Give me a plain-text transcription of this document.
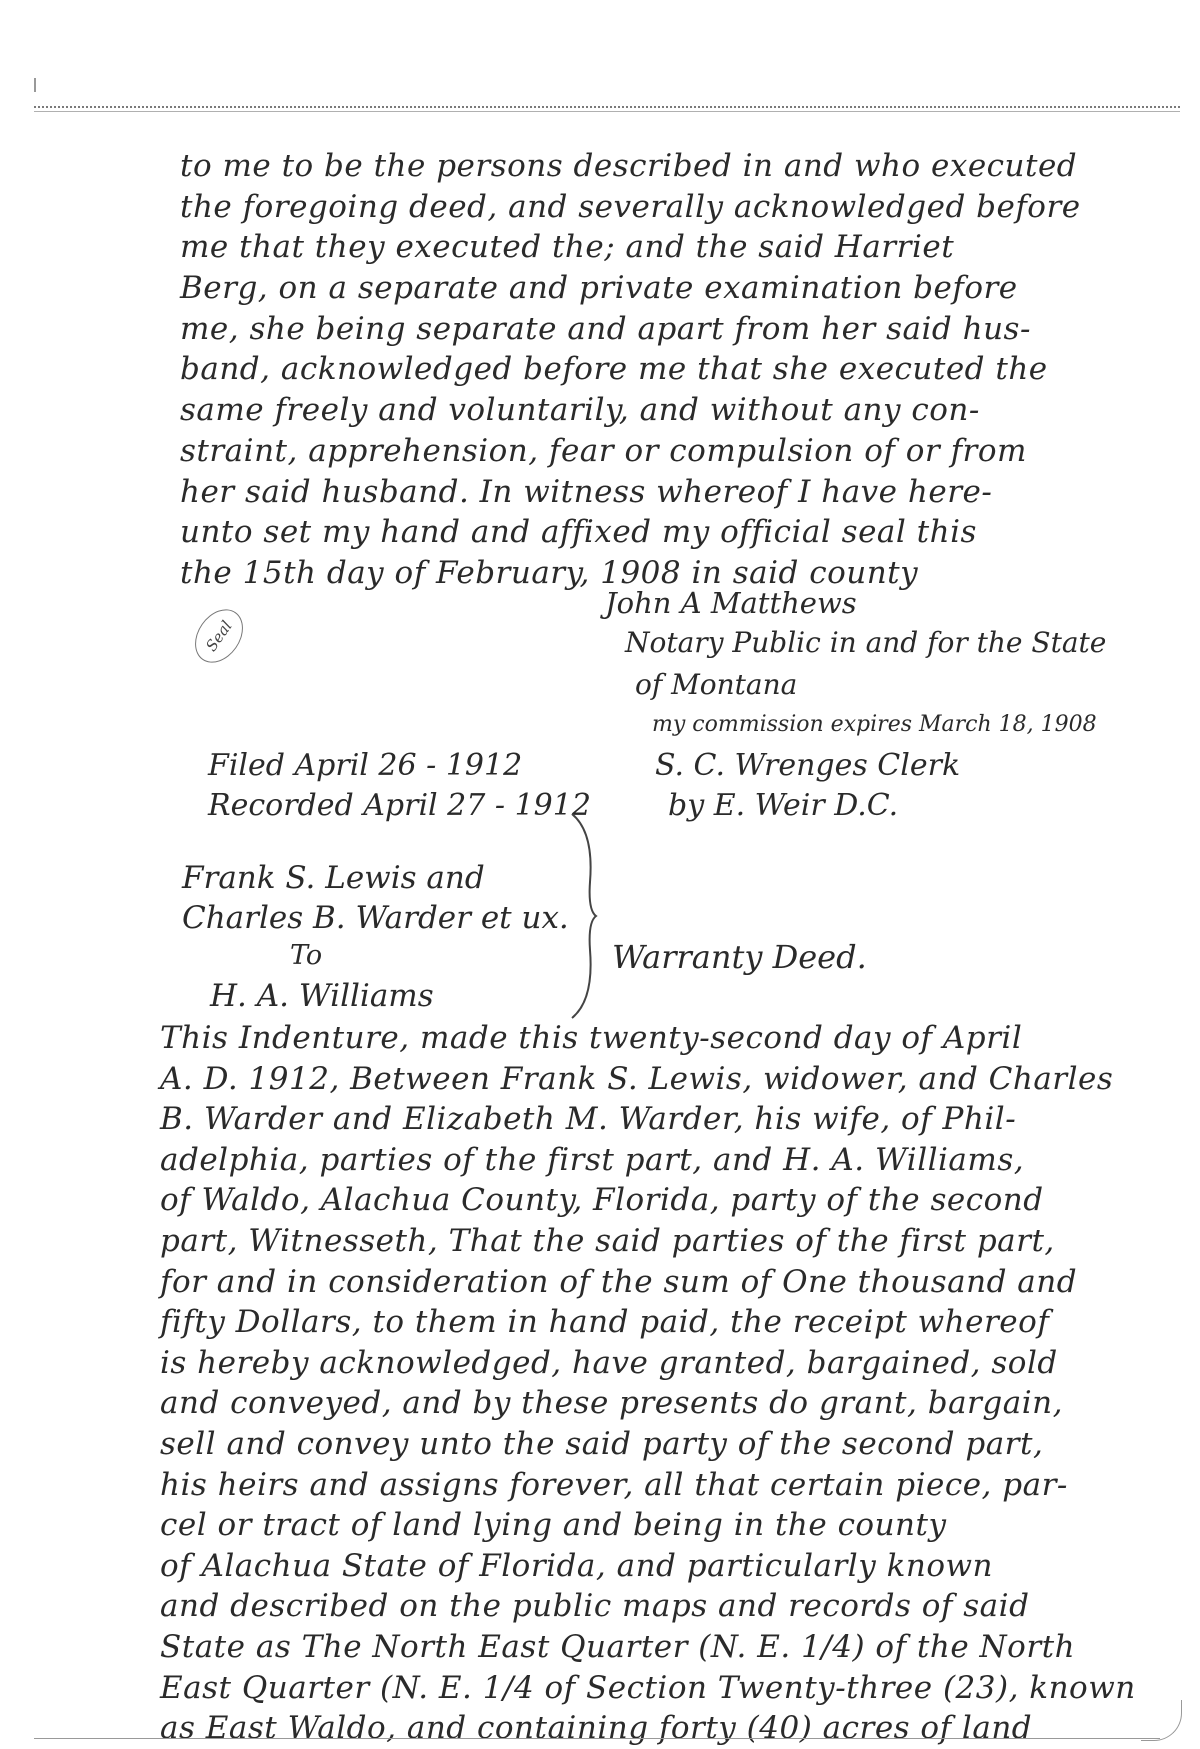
to me to be the persons described in and who executed
the foregoing deed, and severally acknowledged before
me that they executed the; and the said Harriet
Berg, on a separate and private examination before
me, she being separate and apart from her said hus-
band, acknowledged before me that she executed the
same freely and voluntarily, and without any con-
straint, apprehension, fear or compulsion of or from
her said husband. In witness whereof I have here-
unto set my hand and affixed my official seal this
the 15th day of February, 1908 in said county
Seal
John A Matthews
Notary Public in and for the State
of Montana
my commission expires March 18, 1908
Filed April 26 - 1912
Recorded April 27 - 1912
S. C. Wrenges Clerk
by E. Weir D.C.
Frank S. Lewis and
Charles B. Warder et ux.
To
H. A. Williams
Warranty Deed.
This Indenture, made this twenty-second day of April
A. D. 1912, Between Frank S. Lewis, widower, and Charles
B. Warder and Elizabeth M. Warder, his wife, of Phil-
adelphia, parties of the first part, and H. A. Williams,
of Waldo, Alachua County, Florida, party of the second
part, Witnesseth, That the said parties of the first part,
for and in consideration of the sum of One thousand and
fifty Dollars, to them in hand paid, the receipt whereof
is hereby acknowledged, have granted, bargained, sold
and conveyed, and by these presents do grant, bargain,
sell and convey unto the said party of the second part,
his heirs and assigns forever, all that certain piece, par-
cel or tract of land lying and being in the county
of Alachua State of Florida, and particularly known
and described on the public maps and records of said
State as The North East Quarter (N. E. 1/4) of the North
East Quarter (N. E. 1/4 of Section Twenty-three (23), known
as East Waldo, and containing forty (40) acres of land
